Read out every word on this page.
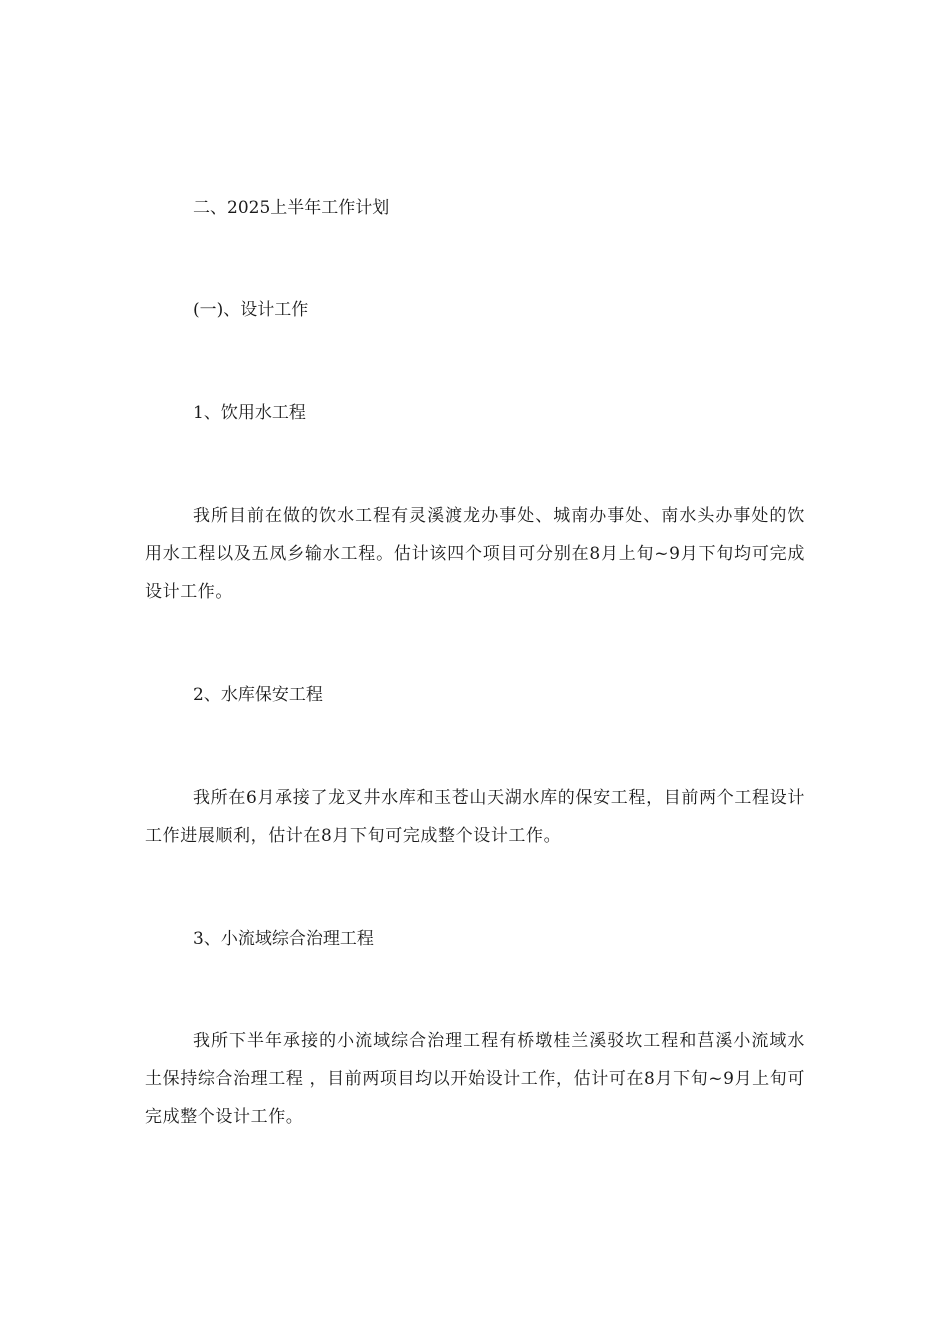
二、2025上半年工作计划
(一)、设计工作
1、饮用水工程
我所目前在做的饮水工程有灵溪渡龙办事处、城南办事处、南水头办事处的饮用水工程以及五凤乡输水工程。估计该四个项目可分别在8月上旬~9月下旬均可完成设计工作。
2、水库保安工程
我所在6月承接了龙叉井水库和玉苍山天湖水库的保安工程，目前两个工程设计工作进展顺利，估计在8月下旬可完成整个设计工作。
3、小流域综合治理工程
我所下半年承接的小流域综合治理工程有桥墩桂兰溪驳坎工程和莒溪小流域水土保持综合治理工程 ，目前两项目均以开始设计工作，估计可在8月下旬~9月上旬可完成整个设计工作。
